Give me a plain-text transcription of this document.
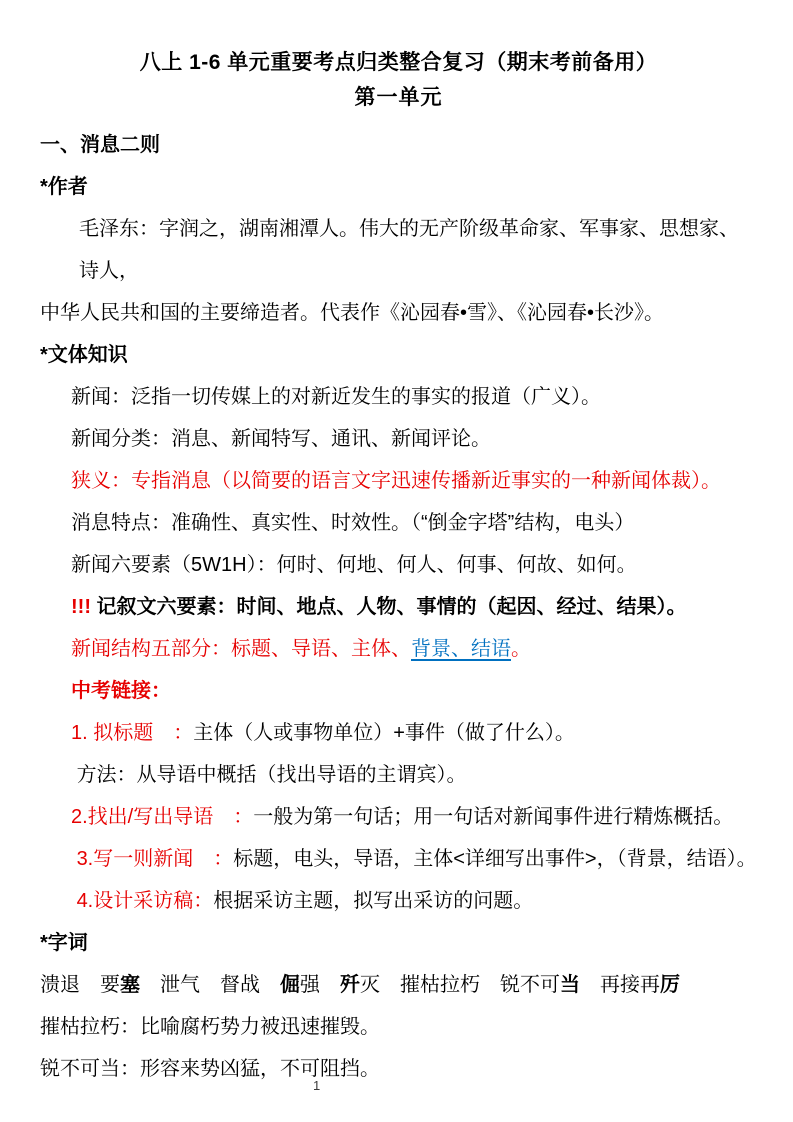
八上 1-6 单元重要考点归类整合复习（期末考前备用）
第一单元
一、消息二则
*作者
毛泽东：字润之，湖南湘潭人。伟大的无产阶级革命家、军事家、思想家、诗人，
中华人民共和国的主要缔造者。代表作《沁园春•雪》、《沁园春•长沙》。
*文体知识
新闻：泛指一切传媒上的对新近发生的事实的报道（广义）。
新闻分类：消息、新闻特写、通讯、新闻评论。
狭义：专指消息（以简要的语言文字迅速传播新近事实的一种新闻体裁）。
消息特点：准确性、真实性、时效性。（“倒金字塔”结构，电头）
新闻六要素（5W1H）：何时、何地、何人、何事、何故、如何。
!!! 记叙文六要素：时间、地点、人物、事情的（起因、经过、结果）。
新闻结构五部分：标题、导语、主体、背景、结语。
中考链接：
1. 拟标题　：主体（人或事物单位）+事件（做了什么）。
方法：从导语中概括（找出导语的主谓宾）。
2.找出/写出导语　：一般为第一句话；用一句话对新闻事件进行精炼概括。
3.写一则新闻　：标题，电头，导语，主体<详细写出事件>，（背景，结语）。
4.设计采访稿：根据采访主题，拟写出采访的问题。
*字词
溃退　要塞　泄气　督战　倔强　歼灭　摧枯拉朽　锐不可当　再接再厉
摧枯拉朽：比喻腐朽势力被迅速摧毁。
锐不可当：形容来势凶猛，不可阻挡。
1
